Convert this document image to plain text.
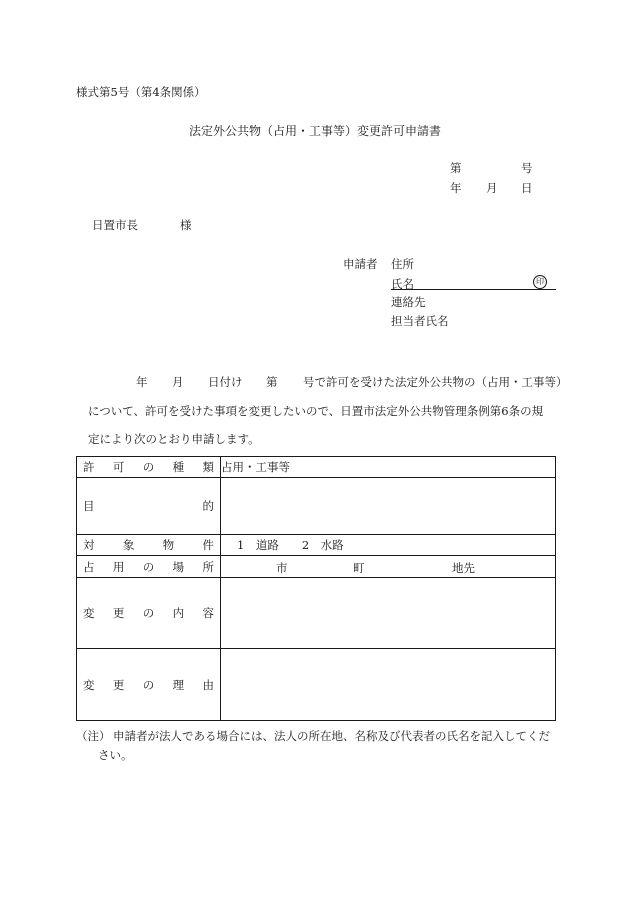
様式第5号（第4条関係）
法定外公共物（占用・工事等）変更許可申請書
第	号
年 月 日
日置市長	様
申請者 住所
氏名	印
連絡先
担当者氏名
年 月 日付け 第 号で許可を受けた法定外公共物の（占用・工事等）
について、許可を受けた事項を変更したいので、日置市法定外公共物管理条例第6条の規
定により次のとおり申請します。
許 可 の 種 類	占用・工事等

目 的	

対 象 物 件	1　道路　　2　水路

占 用 の 場 所	市 町 地先

変 更 の 内 容	

変 更 の 理 由	

（注） 申請者が法人である場合には、法人の所在地、名称及び代表者の氏名を記入してくだ
さい。
